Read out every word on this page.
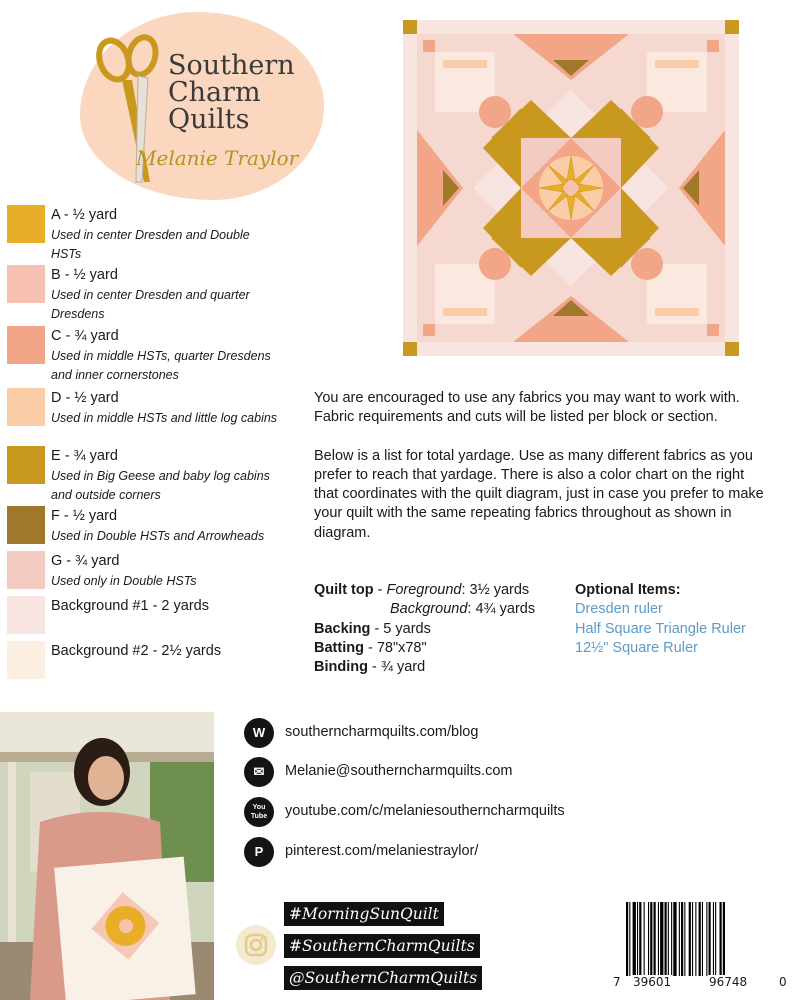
Southern
Charm
Quilts
Melanie Traylor
A - ½ yard
Used in center Dresden and Double HSTs
B - ½ yard
Used in center Dresden and quarter Dresdens
C - ¾ yard
Used in middle HSTs, quarter Dresdens and inner cornerstones
D - ½ yard
Used in middle HSTs and little log cabins
E - ¾ yard
Used in Big Geese and baby log cabins and outside corners
F - ½ yard
Used in Double HSTs and Arrowheads
G - ¾ yard
Used only in Double HSTs
Background #1 - 2 yards
Background #2 - 2½ yards

You are encouraged to use any fabrics you may want to work with. Fabric requirements and cuts will be listed per block or section.

Below is a list for total yardage. Use as many different fabrics as you prefer to reach that yardage. There is also a color chart on the right that coordinates with the quilt diagram, just in case you prefer to make your quilt with the same repeating fabrics throughout as shown in diagram.

Quilt top - Foreground: 3½ yards
Background: 4¾ yards
Backing - 5 yards
Batting - 78"x78"
Binding - ¾ yard
Optional Items:
Dresden ruler
Half Square Triangle Ruler
12½" Square Ruler
W	southerncharmquilts.com/blog
✉	Melanie@southerncharmquilts.com
You Tube	youtube.com/c/melaniesoutherncharmquilts
P	pinterest.com/melaniestraylor/
#MorningSunQuilt
#SouthernCharmQuilts
@SouthernCharmQuilts	7 39601	96748	0
